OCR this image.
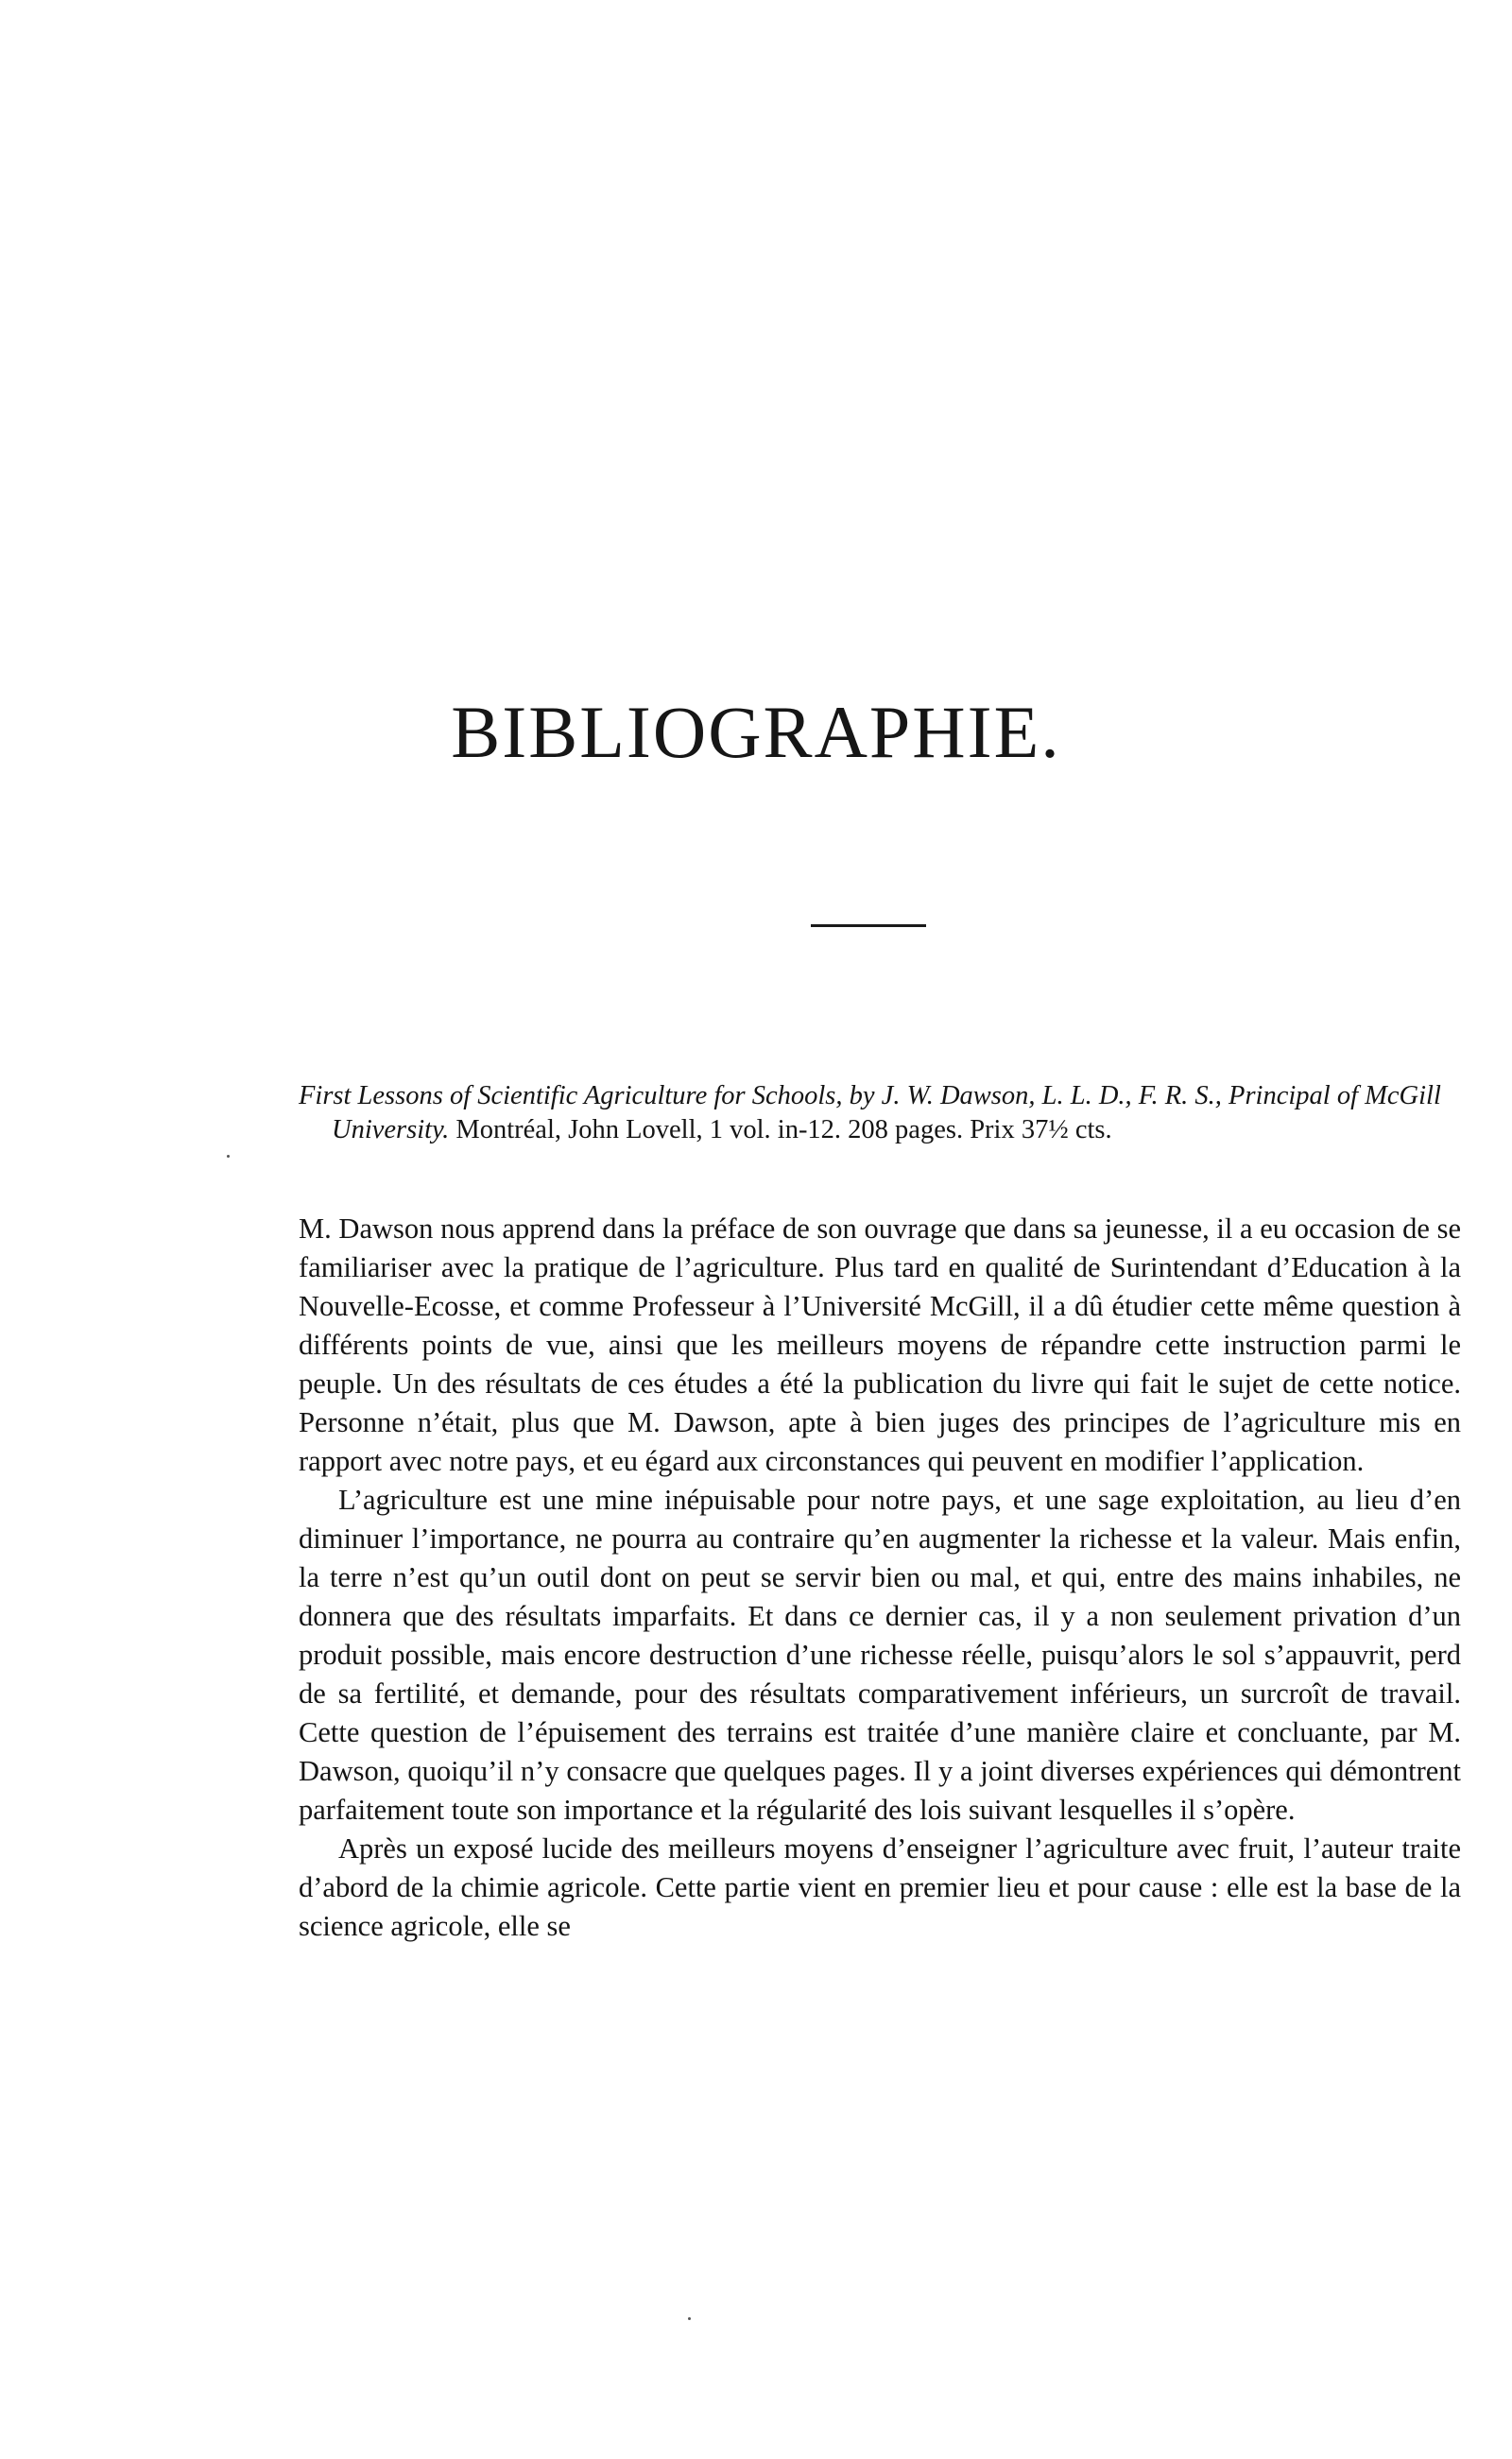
BIBLIOGRAPHIE.

First Lessons of Scientific Agriculture for Schools, by J. W. Dawson, L. L. D., F. R. S., Principal of McGill University. Montréal, John Lovell, 1 vol. in-12. 208 pages. Prix 37½ cts.

M. Dawson nous apprend dans la préface de son ouvrage que dans sa jeunesse, il a eu occasion de se familiariser avec la pratique de l’agriculture. Plus tard en qualité de Surintendant d’Education à la Nouvelle-Ecosse, et comme Professeur à l’Université McGill, il a dû étudier cette même question à différents points de vue, ainsi que les meilleurs moyens de répandre cette instruction parmi le peuple. Un des résultats de ces études a été la publication du livre qui fait le sujet de cette notice. Personne n’était, plus que M. Dawson, apte à bien juges des principes de l’agriculture mis en rapport avec notre pays, et eu égard aux circonstances qui peuvent en modifier l’application.

L’agriculture est une mine inépuisable pour notre pays, et une sage exploitation, au lieu d’en diminuer l’importance, ne pourra au contraire qu’en augmenter la richesse et la valeur. Mais enfin, la terre n’est qu’un outil dont on peut se servir bien ou mal, et qui, entre des mains inhabiles, ne donnera que des résultats imparfaits. Et dans ce dernier cas, il y a non seulement privation d’un produit possible, mais encore destruction d’une richesse réelle, puisqu’alors le sol s’appauvrit, perd de sa fertilité, et demande, pour des résultats comparativement inférieurs, un surcroît de travail. Cette question de l’épuisement des terrains est traitée d’une manière claire et concluante, par M. Dawson, quoiqu’il n’y consacre que quelques pages. Il y a joint diverses expériences qui démontrent parfaitement toute son importance et la régularité des lois suivant lesquelles il s’opère.

Après un exposé lucide des meilleurs moyens d’enseigner l’agriculture avec fruit, l’auteur traite d’abord de la chimie agricole. Cette partie vient en premier lieu et pour cause : elle est la base de la science agricole, elle se
